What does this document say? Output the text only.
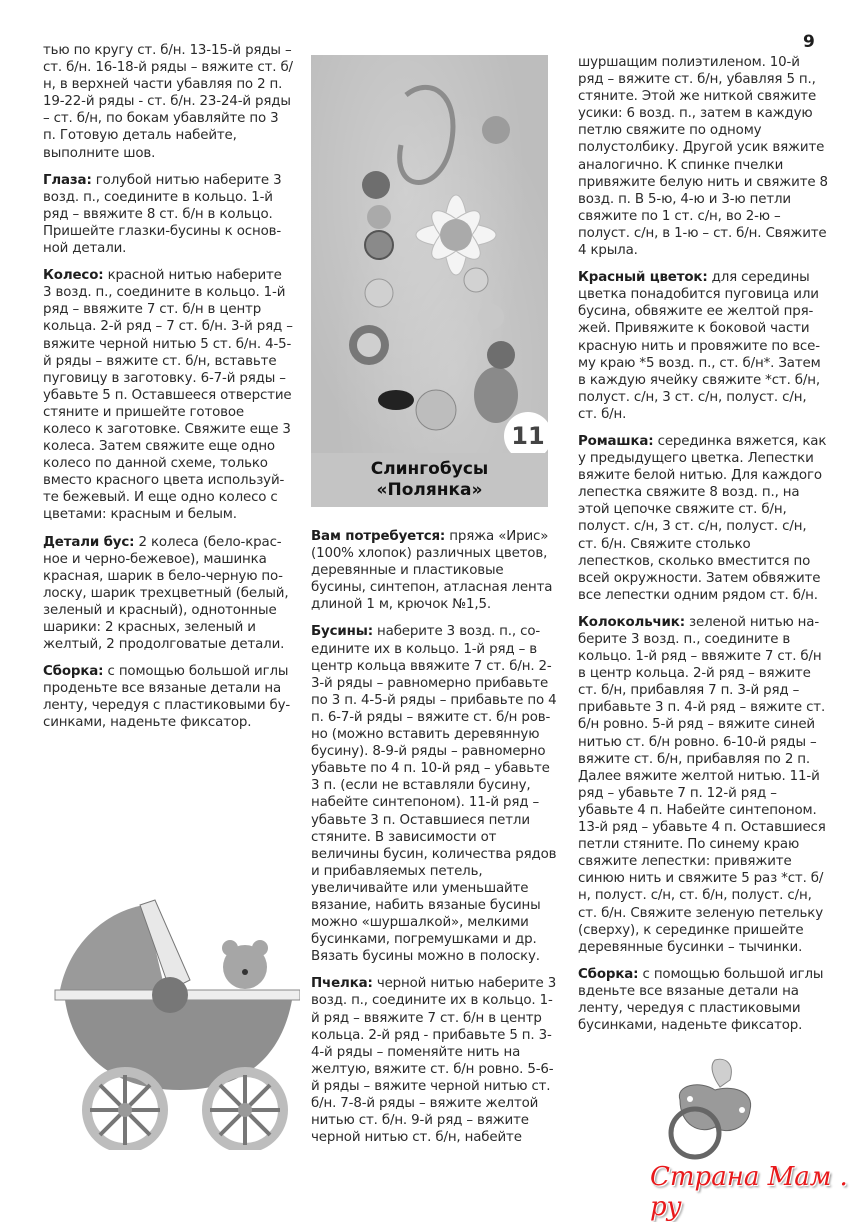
9

тью по кругу ст. б/н. 13-15-й ряды – ст. б/н. 16-18-й ряды – вяжите ст. б/н, в верхней части убавляя по 2 п. 19-22-й ряды - ст. б/н. 23-24-й ряды – ст. б/н, по бокам убавляйте по 3 п. Готовую деталь набейте, выполните шов.

Глаза: голубой нитью наберите 3 возд. п., соедините в кольцо. 1-й ряд – ввяжите 8 ст. б/н в кольцо. Пришейте глазки-бусины к основной детали.

Колесо: красной нитью наберите 3 возд. п., соедините в кольцо. 1-й ряд – ввяжите 7 ст. б/н в центр кольца. 2-й ряд – 7 ст. б/н. 3-й ряд – вяжите черной нитью 5 ст. б/н. 4-5-й ряды – вяжите ст. б/н, вставьте пуговицу в заготовку. 6-7-й ряды – убавьте 5 п. Оставшееся отверстие стяните и пришейте готовое колесо к заготовке. Свяжите еще 3 колеса. Затем свяжите еще одно колесо по данной схеме, только вместо красного цвета используйте бежевый. И еще одно колесо с цветами: красным и белым.

Детали бус: 2 колеса (бело-красное и черно-бежевое), машинка красная, шарик в бело-черную полоску, шарик трехцветный (белый, зеленый и красный), однотонные шарики: 2 красных, зеленый и желтый, 2 продолговатые детали.

Сборка: с помощью большой иглы проденьте все вязаные детали на ленту, чередуя с пластиковыми бусинками, наденьте фиксатор.

11
Слингобусы
«Полянка»

Вам потребуется: пряжа «Ирис» (100% хлопок) различных цветов, деревянные и пластиковые бусины, синтепон, атласная лента длиной 1 м, крючок №1,5.

Бусины: наберите 3 возд. п., соедините их в кольцо. 1-й ряд – в центр кольца ввяжите 7 ст. б/н. 2-3-й ряды – равномерно прибавьте по 3 п. 4-5-й ряды – прибавьте по 4 п. 6-7-й ряды – вяжите ст. б/н ровно (можно вставить деревянную бусину). 8-9-й ряды – равномерно убавьте по 4 п. 10-й ряд – убавьте 3 п. (если не вставляли бусину, набейте синтепоном). 11-й ряд – убавьте 3 п. Оставшиеся петли стяните. В зависимости от величины бусин, количества рядов и прибавляемых петель, увеличивайте или уменьшайте вязание, набить вязаные бусины можно «шуршалкой», мелкими бусинками, погремушками и др. Вязать бусины можно в полоску.

Пчелка: черной нитью наберите 3 возд. п., соедините их в кольцо. 1-й ряд – ввяжите 7 ст. б/н в центр кольца. 2-й ряд - прибавьте 5 п. 3-4-й ряды – поменяйте нить на желтую, вяжите ст. б/н ровно. 5-6-й ряды – вяжите черной нитью ст. б/н. 7-8-й ряды – вяжите желтой нитью ст. б/н. 9-й ряд – вяжите черной нитью ст. б/н, набейте

шуршащим полиэтиленом. 10-й ряд – вяжите ст. б/н, убавляя 5 п., стяните. Этой же ниткой свяжите усики: 6 возд. п., затем в каждую петлю свяжите по одному полустолбику. Другой усик вяжите аналогично. К спинке пчелки привяжите белую нить и свяжите 8 возд. п. В 5-ю, 4-ю и 3-ю петли свяжите по 1 ст. с/н, во 2-ю – полуст. с/н, в 1-ю – ст. б/н. Свяжите 4 крыла.

Красный цветок: для середины цветка понадобится пуговица или бусина, обвяжите ее желтой пряжей. Привяжите к боковой части красную нить и провяжите по всему краю *5 возд. п., ст. б/н*. Затем в каждую ячейку свяжите *ст. б/н, полуст. с/н, 3 ст. с/н, полуст. с/н, ст. б/н.

Ромашка: серединка вяжется, как у предыдущего цветка. Лепестки вяжите белой нитью. Для каждого лепестка свяжите 8 возд. п., на этой цепочке свяжите ст. б/н, полуст. с/н, 3 ст. с/н, полуст. с/н, ст. б/н. Свяжите столько лепестков, сколько вместится по всей окружности. Затем обвяжите все лепестки одним рядом ст. б/н.

Колокольчик: зеленой нитью наберите 3 возд. п., соедините в кольцо. 1-й ряд – ввяжите 7 ст. б/н в центр кольца. 2-й ряд – вяжите ст. б/н, прибавляя 7 п. 3-й ряд – прибавьте 3 п. 4-й ряд – вяжите ст. б/н ровно. 5-й ряд – вяжите синей нитью ст. б/н ровно. 6-10-й ряды – вяжите ст. б/н, прибавляя по 2 п. Далее вяжите желтой нитью. 11-й ряд – убавьте 7 п. 12-й ряд – убавьте 4 п. Набейте синтепоном. 13-й ряд – убавьте 4 п. Оставшиеся петли стяните. По синему краю свяжите лепестки: привяжите синюю нить и свяжите 5 раз *ст. б/н, полуст. с/н, ст. б/н, полуст. с/н, ст. б/н. Свяжите зеленую петельку (сверху), к серединке пришейте деревянные бусинки – тычинки.

Сборка: с помощью большой иглы вденьте все вязаные детали на ленту, чередуя с пластиковыми бусинками, наденьте фиксатор.

Страна Мам . ру
